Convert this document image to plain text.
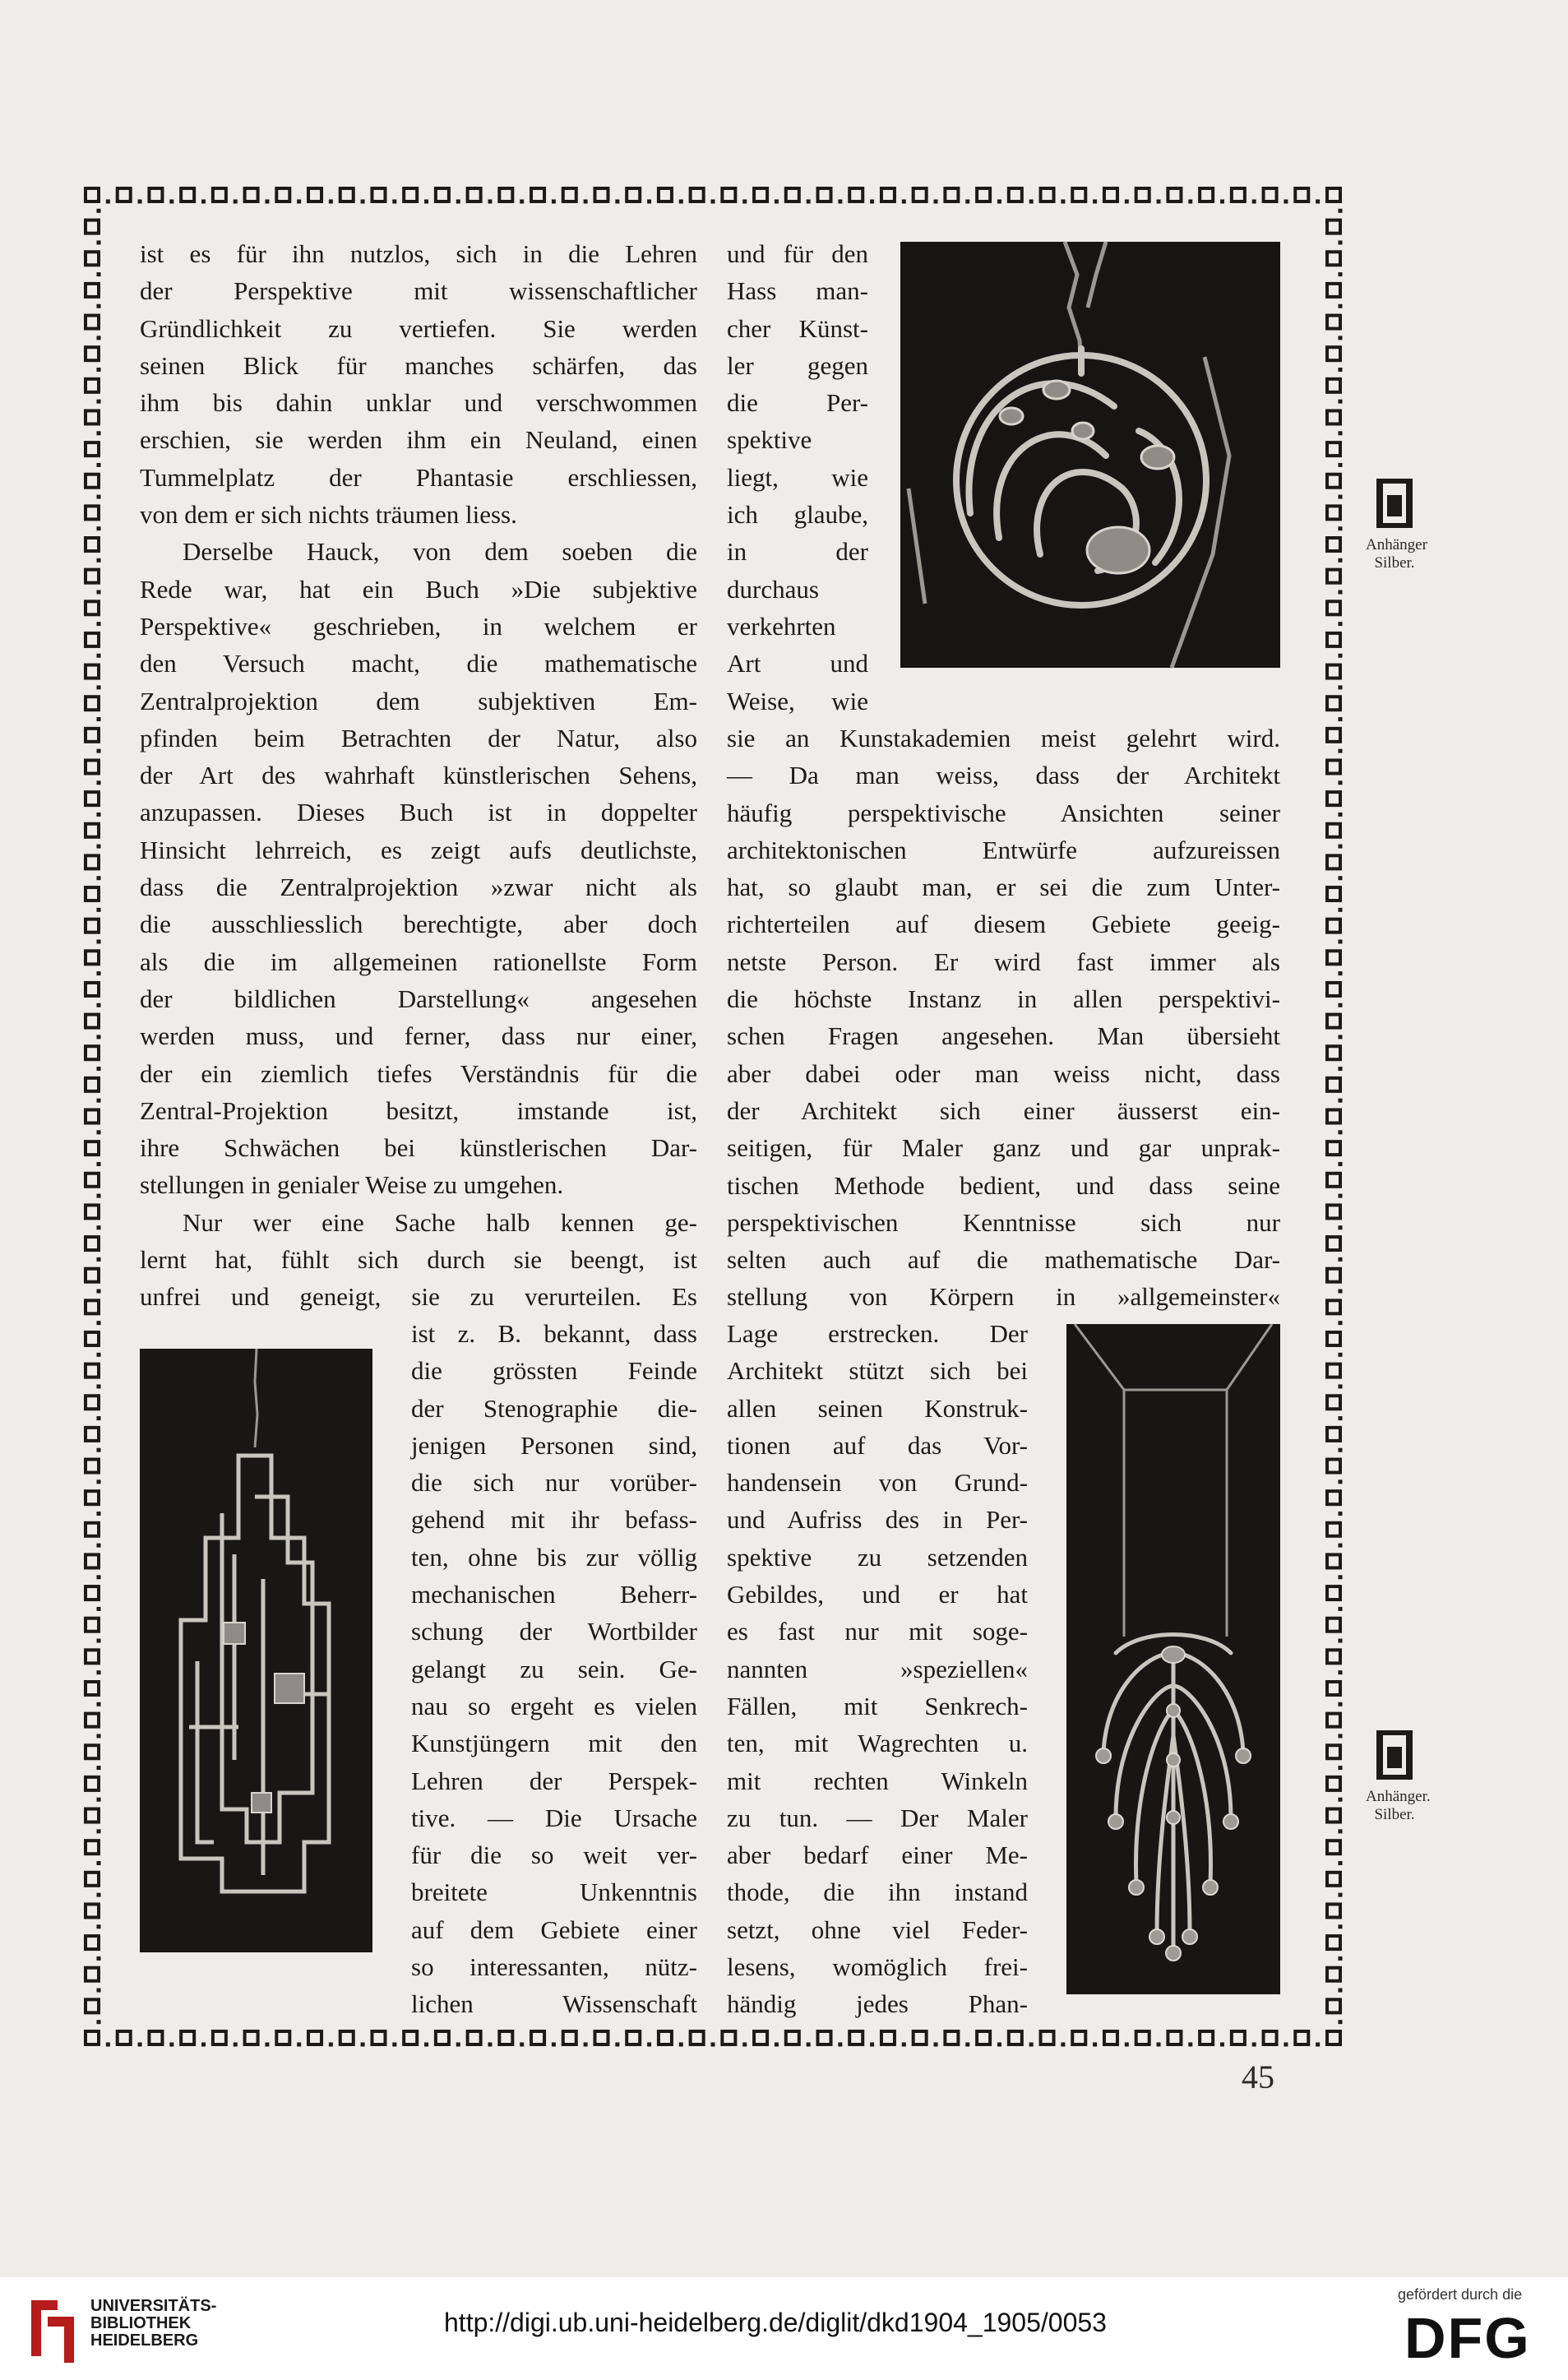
ist es für ihn nutzlos, sich in die Lehren
der Perspektive mit wissenschaftlicher
Gründlichkeit zu vertiefen. Sie werden
seinen Blick für manches schärfen, das
ihm bis dahin unklar und verschwommen
erschien, sie werden ihm ein Neuland, einen
Tummelplatz der Phantasie erschliessen,
von dem er sich nichts träumen liess.
Derselbe Hauck, von dem soeben die
Rede war, hat ein Buch »Die subjektive
Perspektive« geschrieben, in welchem er
den Versuch macht, die mathematische
Zentralprojektion dem subjektiven Em-
pfinden beim Betrachten der Natur, also
der Art des wahrhaft künstlerischen Sehens,
anzupassen. Dieses Buch ist in doppelter
Hinsicht lehrreich, es zeigt aufs deutlichste,
dass die Zentralprojektion »zwar nicht als
die ausschliesslich berechtigte, aber doch
als die im allgemeinen rationellste Form
der bildlichen Darstellung« angesehen
werden muss, und ferner, dass nur einer,
der ein ziemlich tiefes Verständnis für die
Zentral-Projektion besitzt, imstande ist,
ihre Schwächen bei künstlerischen Dar-
stellungen in genialer Weise zu umgehen.
Nur wer eine Sache halb kennen ge-
lernt hat, fühlt sich durch sie beengt, ist
unfrei und geneigt, sie zu verurteilen. Es
ist z. B. bekannt, dass
die grössten Feinde
der Stenographie die-
jenigen Personen sind,
die sich nur vorüber-
gehend mit ihr befass-
ten, ohne bis zur völlig
mechanischen Beherr-
schung der Wortbilder
gelangt zu sein. Ge-
nau so ergeht es vielen
Kunstjüngern mit den
Lehren der Perspek-
tive. — Die Ursache
für die so weit ver-
breitete Unkenntnis
auf dem Gebiete einer
so interessanten, nütz-
lichen Wissenschaft
und für den
Hass man-
cher Künst-
ler gegen
die Per-
spektive
liegt, wie
ich glaube,
in der
durchaus
verkehrten
Art und
Weise, wie
sie an Kunstakademien meist gelehrt wird.
— Da man weiss, dass der Architekt
häufig perspektivische Ansichten seiner
architektonischen Entwürfe aufzureissen
hat, so glaubt man, er sei die zum Unter-
richterteilen auf diesem Gebiete geeig-
netste Person. Er wird fast immer als
die höchste Instanz in allen perspektivi-
schen Fragen angesehen. Man übersieht
aber dabei oder man weiss nicht, dass
der Architekt sich einer äusserst ein-
seitigen, für Maler ganz und gar unprak-
tischen Methode bedient, und dass seine
perspektivischen Kenntnisse sich nur
selten auch auf die mathematische Dar-
stellung von Körpern in »allgemeinster«
Lage erstrecken. Der
Architekt stützt sich bei
allen seinen Konstruk-
tionen auf das Vor-
handensein von Grund-
und Aufriss des in Per-
spektive zu setzenden
Gebildes, und er hat
es fast nur mit soge-
nannten »speziellen«
Fällen, mit Senkrech-
ten, mit Wagrechten u.
mit rechten Winkeln
zu tun. — Der Maler
aber bedarf einer Me-
thode, die ihn instand
setzt, ohne viel Feder-
lesens, womöglich frei-
händig jedes Phan-
Anhänger
Silber.
Anhänger.
Silber.
45
UNIVERSITÄTS-
BIBLIOTHEK
HEIDELBERG
http://digi.ub.uni-heidelberg.de/diglit/dkd1904_1905/0053
gefördert durch die
DFG
